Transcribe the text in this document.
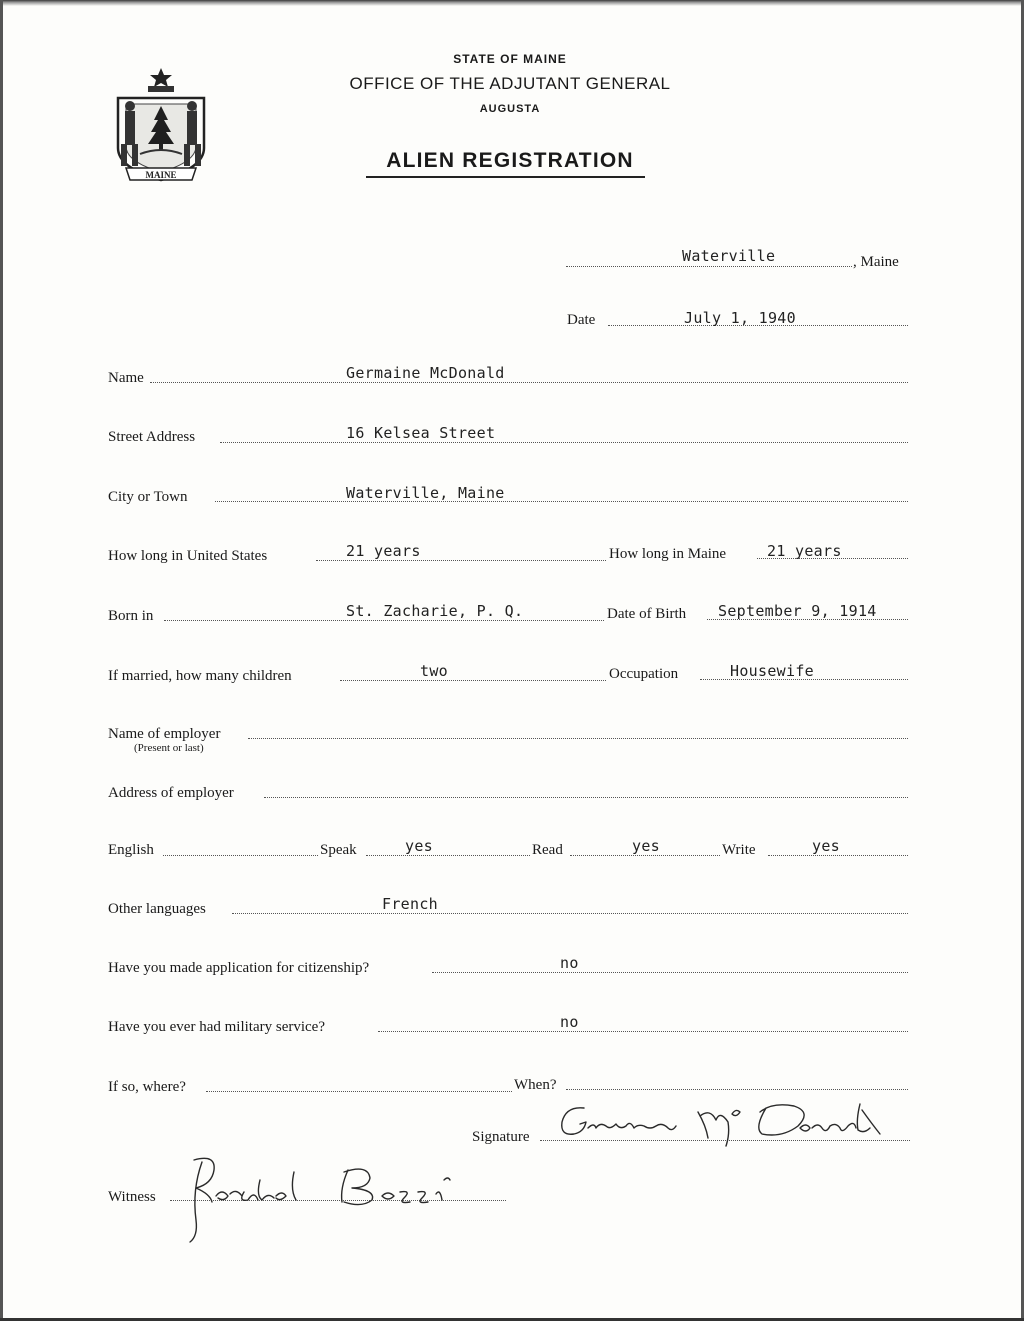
MAINE
STATE OF MAINE
OFFICE OF THE ADJUTANT GENERAL
AUGUSTA
ALIEN REGISTRATION
Waterville	, Maine
Date	July 1, 1940
Name	Germaine McDonald
Street Address	16 Kelsea Street
City or Town	Waterville, Maine
How long in United States	21 years	How long in Maine	21 years
Born in	St. Zacharie, P. Q.	Date of Birth September 9, 1914
If married, how many children	two	Occupation	Housewife
Name of employer
(Present or last)
Address of employer
English	Speak	yes	Read	yes	Write	yes
Other languages	French
Have you made application for citizenship?	no
Have you ever had military service?	no
If so, where?	When?
Signature
Witness
